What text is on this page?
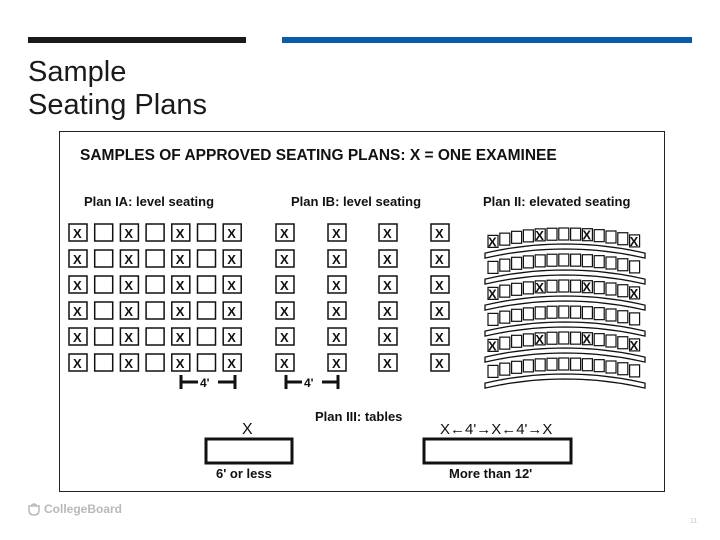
Sample
Seating Plans
SAMPLES OF APPROVED SEATING PLANS: X = ONE EXAMINEE
Plan IA: level seating	Plan IB: level seating	Plan II: elevated seating
X	X	X	X
X	X	X	X
X	X	X	X
X	X	X	X
X	X	X	X
X	X	X	X
X	X	X	X
X	X	X	X
X	X	X	X
X	X	X	X
X	X	X	X
X	X	X	X
X	X	X	X
X	X	X	X
X	X	X	X
4'	4'
Plan III: tables
X
6' or less
X←4'→X←4'→X
More than 12'
CollegeBoard
11
